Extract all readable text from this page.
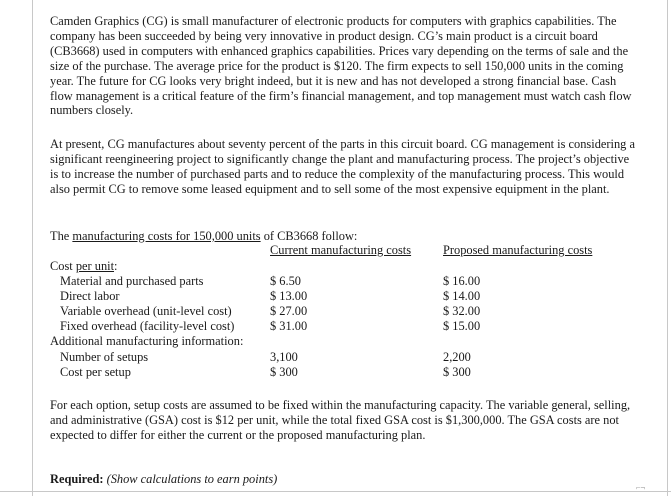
⌐¬

Camden Graphics (CG) is small manufacturer of electronic products for computers with graphics capabilities. The company has been succeeded by being very innovative in product design. CG’s main product is a circuit board (CB3668) used in computers with enhanced graphics capabilities. Prices vary depending on the terms of sale and the size of the purchase. The average price for the product is $120. The firm expects to sell 150,000 units in the coming year. The future for CG looks very bright indeed, but it is new and has not developed a strong financial base. Cash flow management is a critical feature of the firm’s financial management, and top management must watch cash flow numbers closely.

At present, CG manufactures about seventy percent of the parts in this circuit board. CG management is considering a significant reengineering project to significantly change the plant and manufacturing process. The project’s objective is to increase the number of purchased parts and to reduce the complexity of the manufacturing process. This would also permit CG to remove some leased equipment and to sell some of the most expensive equipment in the plant.

The manufacturing costs for 150,000 units of CB3668 follow:
Current manufacturing costs	Proposed manufacturing costs
Cost per unit:
Material and purchased parts	$ 6.50	$ 16.00
Direct labor	$ 13.00	$ 14.00
Variable overhead (unit-level cost)	$ 27.00	$ 32.00
Fixed overhead (facility-level cost)	$ 31.00	$ 15.00
Additional manufacturing information:
Number of setups	3,100	2,200
Cost per setup	$ 300	$ 300

For each option, setup costs are assumed to be fixed within the manufacturing capacity. The variable general, selling, and administrative (GSA) cost is $12 per unit, while the total fixed GSA cost is $1,300,000. The GSA costs are not expected to differ for either the current or the proposed manufacturing plan.

Required: (Show calculations to earn points)
